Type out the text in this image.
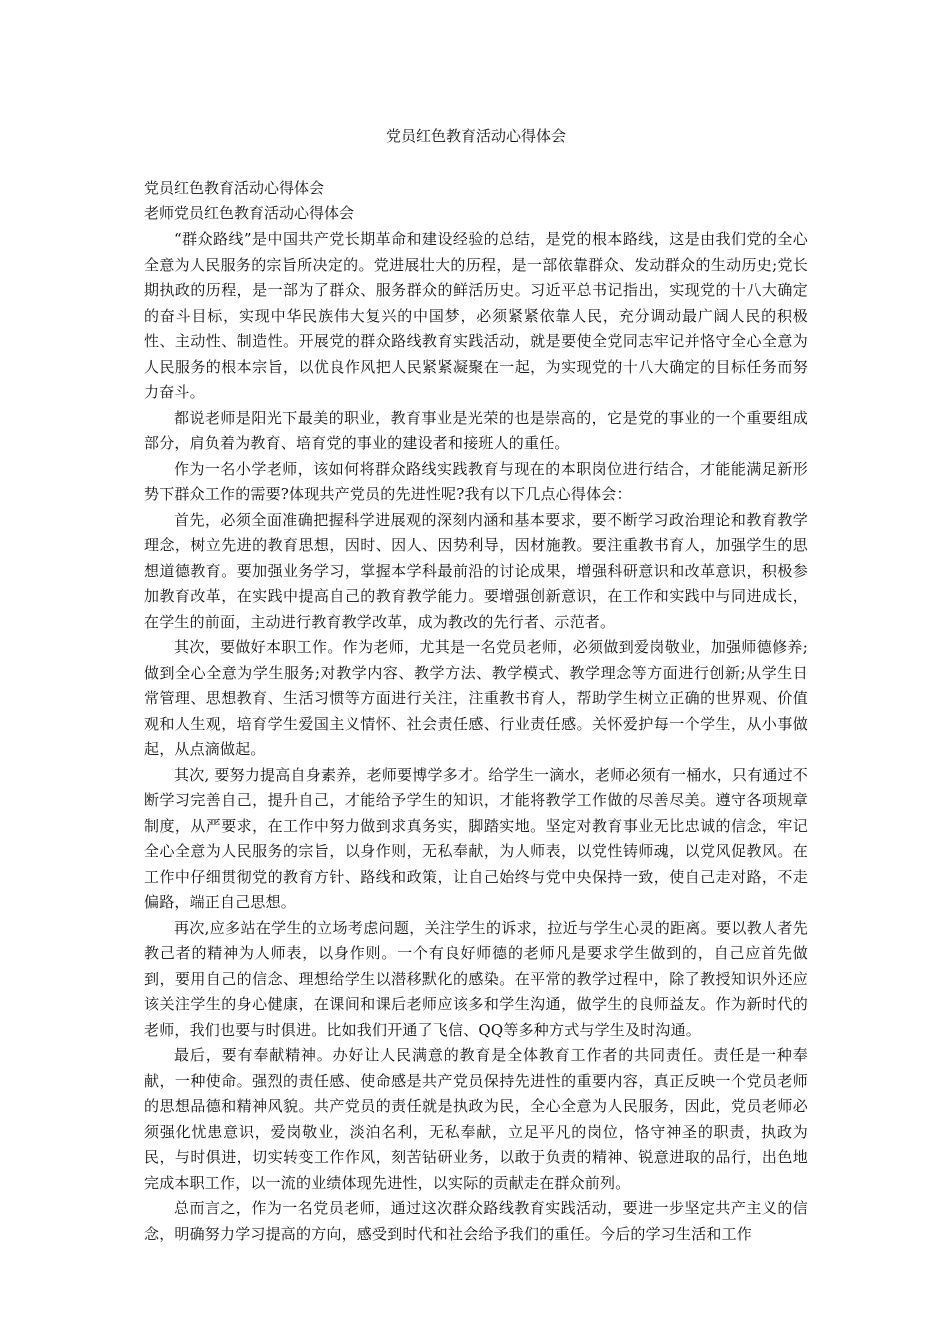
党员红色教育活动心得体会

党员红色教育活动心得体会

老师党员红色教育活动心得体会

“群众路线”是中国共产党长期革命和建设经验的总结，是党的根本路线，这是由我们党的全心全意为人民服务的宗旨所决定的。党进展壮大的历程，是一部依靠群众、发动群众的生动历史;党长期执政的历程，是一部为了群众、服务群众的鲜活历史。习近平总书记指出，实现党的十八大确定的奋斗目标，实现中华民族伟大复兴的中国梦，必须紧紧依靠人民，充分调动最广阔人民的积极性、主动性、制造性。开展党的群众路线教育实践活动，就是要使全党同志牢记并恪守全心全意为人民服务的根本宗旨，以优良作风把人民紧紧凝聚在一起，为实现党的十八大确定的目标任务而努力奋斗。

都说老师是阳光下最美的职业，教育事业是光荣的也是崇高的，它是党的事业的一个重要组成部分，肩负着为教育、培育党的事业的建设者和接班人的重任。

作为一名小学老师，该如何将群众路线实践教育与现在的本职岗位进行结合，才能能满足新形势下群众工作的需要?体现共产党员的先进性呢?我有以下几点心得体会：

首先，必须全面准确把握科学进展观的深刻内涵和基本要求，要不断学习政治理论和教育教学理念，树立先进的教育思想，因时、因人、因势利导，因材施教。要注重教书育人，加强学生的思想道德教育。要加强业务学习，掌握本学科最前沿的讨论成果，增强科研意识和改革意识，积极参加教育改革，在实践中提高自己的教育教学能力。要增强创新意识，在工作和实践中与同进成长，在学生的前面，主动进行教育教学改革，成为教改的先行者、示范者。

其次，要做好本职工作。作为老师，尤其是一名党员老师，必须做到爱岗敬业，加强师德修养;做到全心全意为学生服务;对教学内容、教学方法、教学模式、教学理念等方面进行创新;从学生日常管理、思想教育、生活习惯等方面进行关注，注重教书育人，帮助学生树立正确的世界观、价值观和人生观，培育学生爱国主义情怀、社会责任感、行业责任感。关怀爱护每一个学生，从小事做起，从点滴做起。

其次, 要努力提高自身素养，老师要博学多才。给学生一滴水，老师必须有一桶水，只有通过不断学习完善自己，提升自己，才能给予学生的知识，才能将教学工作做的尽善尽美。遵守各项规章制度，从严要求，在工作中努力做到求真务实，脚踏实地。坚定对教育事业无比忠诚的信念，牢记全心全意为人民服务的宗旨，以身作则，无私奉献，为人师表，以党性铸师魂，以党风促教风。在工作中仔细贯彻党的教育方针、路线和政策，让自己始终与党中央保持一致，使自己走对路，不走偏路，端正自己思想。

再次,应多站在学生的立场考虑问题，关注学生的诉求，拉近与学生心灵的距离。要以教人者先教己者的精神为人师表，以身作则。一个有良好师德的老师凡是要求学生做到的，自己应首先做到，要用自己的信念、理想给学生以潜移默化的感染。在平常的教学过程中，除了教授知识外还应该关注学生的身心健康，在课间和课后老师应该多和学生沟通，做学生的良师益友。作为新时代的老师，我们也要与时俱进。比如我们开通了飞信、QQ等多种方式与学生及时沟通。

最后，要有奉献精神。办好让人民满意的教育是全体教育工作者的共同责任。责任是一种奉献，一种使命。强烈的责任感、使命感是共产党员保持先进性的重要内容，真正反映一个党员老师的思想品德和精神风貌。共产党员的责任就是执政为民，全心全意为人民服务，因此，党员老师必须强化忧患意识，爱岗敬业，淡泊名利，无私奉献，立足平凡的岗位，恪守神圣的职责，执政为民，与时俱进，切实转变工作作风，刻苦钻研业务，以敢于负责的精神、锐意进取的品行，出色地完成本职工作，以一流的业绩体现先进性，以实际的贡献走在群众前列。

总而言之，作为一名党员老师，通过这次群众路线教育实践活动，要进一步坚定共产主义的信念，明确努力学习提高的方向，感受到时代和社会给予我们的重任。今后的学习生活和工作
